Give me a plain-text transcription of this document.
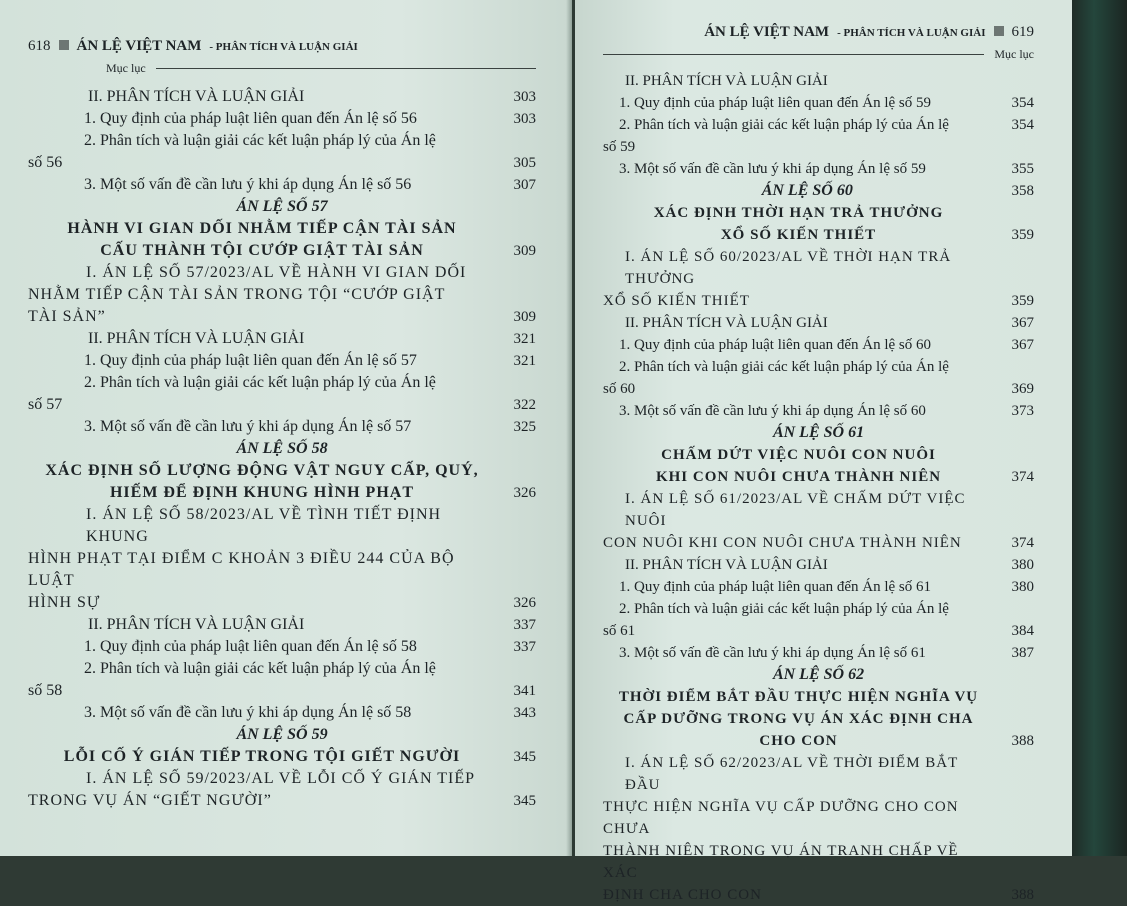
618 ÁN LỆ VIỆT NAM - PHÂN TÍCH VÀ LUẬN GIẢI
Mục lục
II. PHÂN TÍCH VÀ LUẬN GIẢI	303
1. Quy định của pháp luật liên quan đến Án lệ số 56	303
2. Phân tích và luận giải các kết luận pháp lý của Án lệ
số 56	305
3. Một số vấn đề cần lưu ý khi áp dụng Án lệ số 56	307
ÁN LỆ SỐ 57
HÀNH VI GIAN DỐI NHẰM TIẾP CẬN TÀI SẢN
CẤU THÀNH TỘI CƯỚP GIẬT TÀI SẢN	309
I. ÁN LỆ SỐ 57/2023/AL VỀ HÀNH VI GIAN DỐI
NHẰM TIẾP CẬN TÀI SẢN TRONG TỘI “CƯỚP GIẬT
TÀI SẢN”	309
II. PHÂN TÍCH VÀ LUẬN GIẢI	321
1. Quy định của pháp luật liên quan đến Án lệ số 57	321
2. Phân tích và luận giải các kết luận pháp lý của Án lệ
số 57	322
3. Một số vấn đề cần lưu ý khi áp dụng Án lệ số 57	325
ÁN LỆ SỐ 58
XÁC ĐỊNH SỐ LƯỢNG ĐỘNG VẬT NGUY CẤP, QUÝ,
HIẾM ĐỂ ĐỊNH KHUNG HÌNH PHẠT	326
I. ÁN LỆ SỐ 58/2023/AL VỀ TÌNH TIẾT ĐỊNH KHUNG
HÌNH PHẠT TẠI ĐIỂM C KHOẢN 3 ĐIỀU 244 CỦA BỘ LUẬT
HÌNH SỰ	326
II. PHÂN TÍCH VÀ LUẬN GIẢI	337
1. Quy định của pháp luật liên quan đến Án lệ số 58	337
2. Phân tích và luận giải các kết luận pháp lý của Án lệ
số 58	341
3. Một số vấn đề cần lưu ý khi áp dụng Án lệ số 58	343
ÁN LỆ SỐ 59
LỖI CỐ Ý GIÁN TIẾP TRONG TỘI GIẾT NGƯỜI	345
I. ÁN LỆ SỐ 59/2023/AL VỀ LỖI CỐ Ý GIÁN TIẾP
TRONG VỤ ÁN “GIẾT NGƯỜI”	345
ÁN LỆ VIỆT NAM - PHÂN TÍCH VÀ LUẬN GIẢI 619
Mục lục
II. PHÂN TÍCH VÀ LUẬN GIẢI
1. Quy định của pháp luật liên quan đến Án lệ số 59	354
2. Phân tích và luận giải các kết luận pháp lý của Án lệ	354
số 59
3. Một số vấn đề cần lưu ý khi áp dụng Án lệ số 59	355
ÁN LỆ SỐ 60	358
XÁC ĐỊNH THỜI HẠN TRẢ THƯỞNG
XỔ SỐ KIẾN THIẾT	359
I. ÁN LỆ SỐ 60/2023/AL VỀ THỜI HẠN TRẢ THƯỞNG
XỔ SỐ KIẾN THIẾT	359
II. PHÂN TÍCH VÀ LUẬN GIẢI	367
1. Quy định của pháp luật liên quan đến Án lệ số 60	367
2. Phân tích và luận giải các kết luận pháp lý của Án lệ
số 60	369
3. Một số vấn đề cần lưu ý khi áp dụng Án lệ số 60	373
ÁN LỆ SỐ 61
CHẤM DỨT VIỆC NUÔI CON NUÔI
KHI CON NUÔI CHƯA THÀNH NIÊN	374
I. ÁN LỆ SỐ 61/2023/AL VỀ CHẤM DỨT VIỆC NUÔI
CON NUÔI KHI CON NUÔI CHƯA THÀNH NIÊN	374
II. PHÂN TÍCH VÀ LUẬN GIẢI	380
1. Quy định của pháp luật liên quan đến Án lệ số 61	380
2. Phân tích và luận giải các kết luận pháp lý của Án lệ
số 61	384
3. Một số vấn đề cần lưu ý khi áp dụng Án lệ số 61	387
ÁN LỆ SỐ 62
THỜI ĐIỂM BẮT ĐẦU THỰC HIỆN NGHĨA VỤ
CẤP DƯỠNG TRONG VỤ ÁN XÁC ĐỊNH CHA CHO CON	388
I. ÁN LỆ SỐ 62/2023/AL VỀ THỜI ĐIỂM BẮT ĐẦU
THỰC HIỆN NGHĨA VỤ CẤP DƯỠNG CHO CON CHƯA
THÀNH NIÊN TRONG VỤ ÁN TRANH CHẤP VỀ XÁC
ĐỊNH CHA CHO CON	388
